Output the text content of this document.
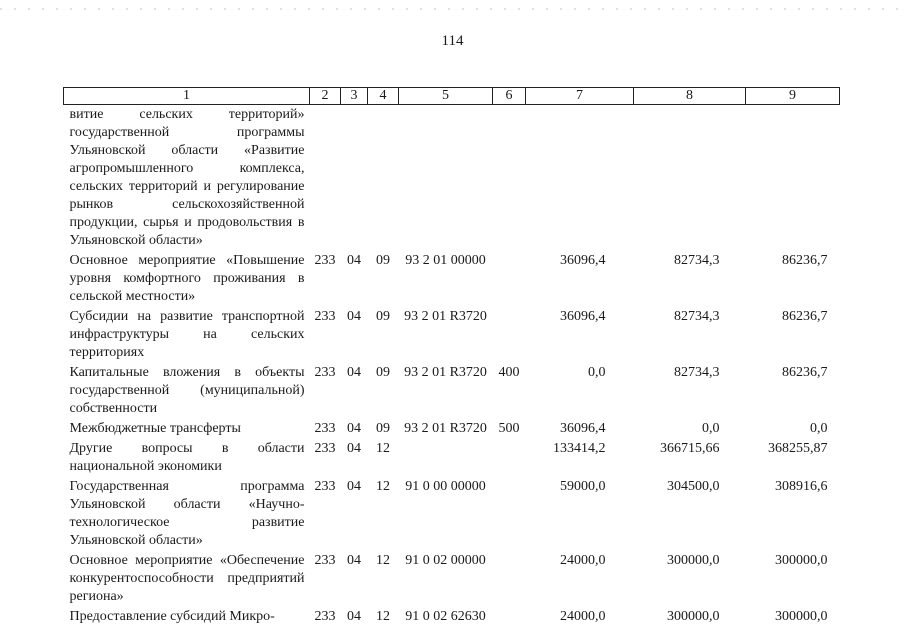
114
1	2	3	4	5	6	7	8	9
витие сельских территорий» государственной программы Ульяновской области «Развитие агропромышленного комплекса, сельских территорий и регулирование рынков сельскохозяйственной продукции, сырья и продовольствия в Ульяновской области»								
Основное мероприятие «Повышение уровня комфортного проживания в сельской местности»	233	04	09	93 2 01 00000		36096,4	82734,3	86236,7
Субсидии на развитие транспортной инфраструктуры на сельских территориях	233	04	09	93 2 01 R3720		36096,4	82734,3	86236,7
Капитальные вложения в объекты государственной (муниципальной) собственности	233	04	09	93 2 01 R3720	400	0,0	82734,3	86236,7
Межбюджетные трансферты	233	04	09	93 2 01 R3720	500	36096,4	0,0	0,0
Другие вопросы в области национальной экономики	233	04	12			133414,2	366715,66	368255,87
Государственная программа Ульяновской области «Научно-технологическое развитие Ульяновской области»	233	04	12	91 0 00 00000		59000,0	304500,0	308916,6
Основное мероприятие «Обеспечение конкурентоспособности предприятий региона»	233	04	12	91 0 02 00000		24000,0	300000,0	300000,0
Предоставление субсидий Микро-	233	04	12	91 0 02 62630		24000,0	300000,0	300000,0
